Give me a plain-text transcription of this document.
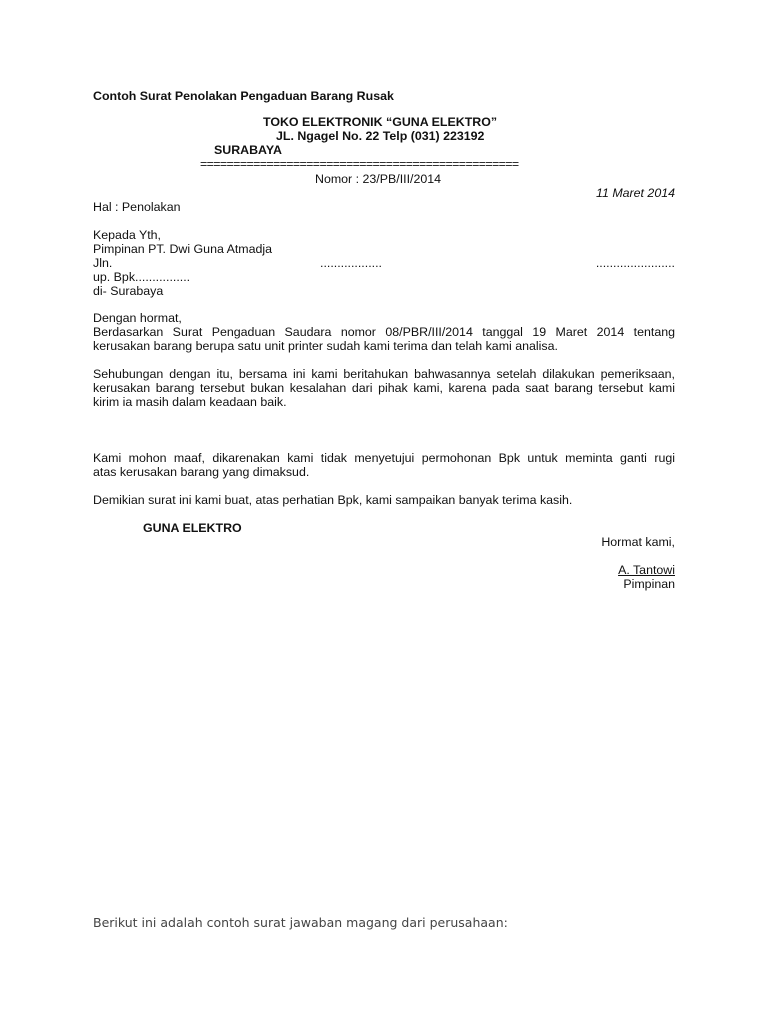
Contoh Surat Penolakan Pengaduan Barang Rusak
TOKO ELEKTRONIK “GUNA ELEKTRO”
JL. Ngagel No. 22 Telp (031) 223192
SURABAYA
================================================
Nomor : 23/PB/III/2014
11 Maret 2014
Hal : Penolakan
Kepada Yth,
Pimpinan PT. Dwi Guna Atmadja
Jln.	..................	.......................
up. Bpk................
di- Surabaya
Dengan hormat,
Berdasarkan Surat Pengaduan Saudara nomor 08/PBR/III/2014 tanggal 19 Maret 2014 tentang
kerusakan barang berupa satu unit printer sudah kami terima dan telah kami analisa.
Sehubungan dengan itu, bersama ini kami beritahukan bahwasannya setelah dilakukan pemeriksaan,
kerusakan barang tersebut bukan kesalahan dari pihak kami, karena pada saat barang tersebut kami
kirim ia masih dalam keadaan baik.
Kami mohon maaf, dikarenakan kami tidak menyetujui permohonan Bpk untuk meminta ganti rugi
atas kerusakan barang yang dimaksud.
Demikian surat ini kami buat, atas perhatian Bpk, kami sampaikan banyak terima kasih.
GUNA ELEKTRO
Hormat kami,
A. Tantowi
Pimpinan
Berikut ini adalah contoh surat jawaban magang dari perusahaan:
